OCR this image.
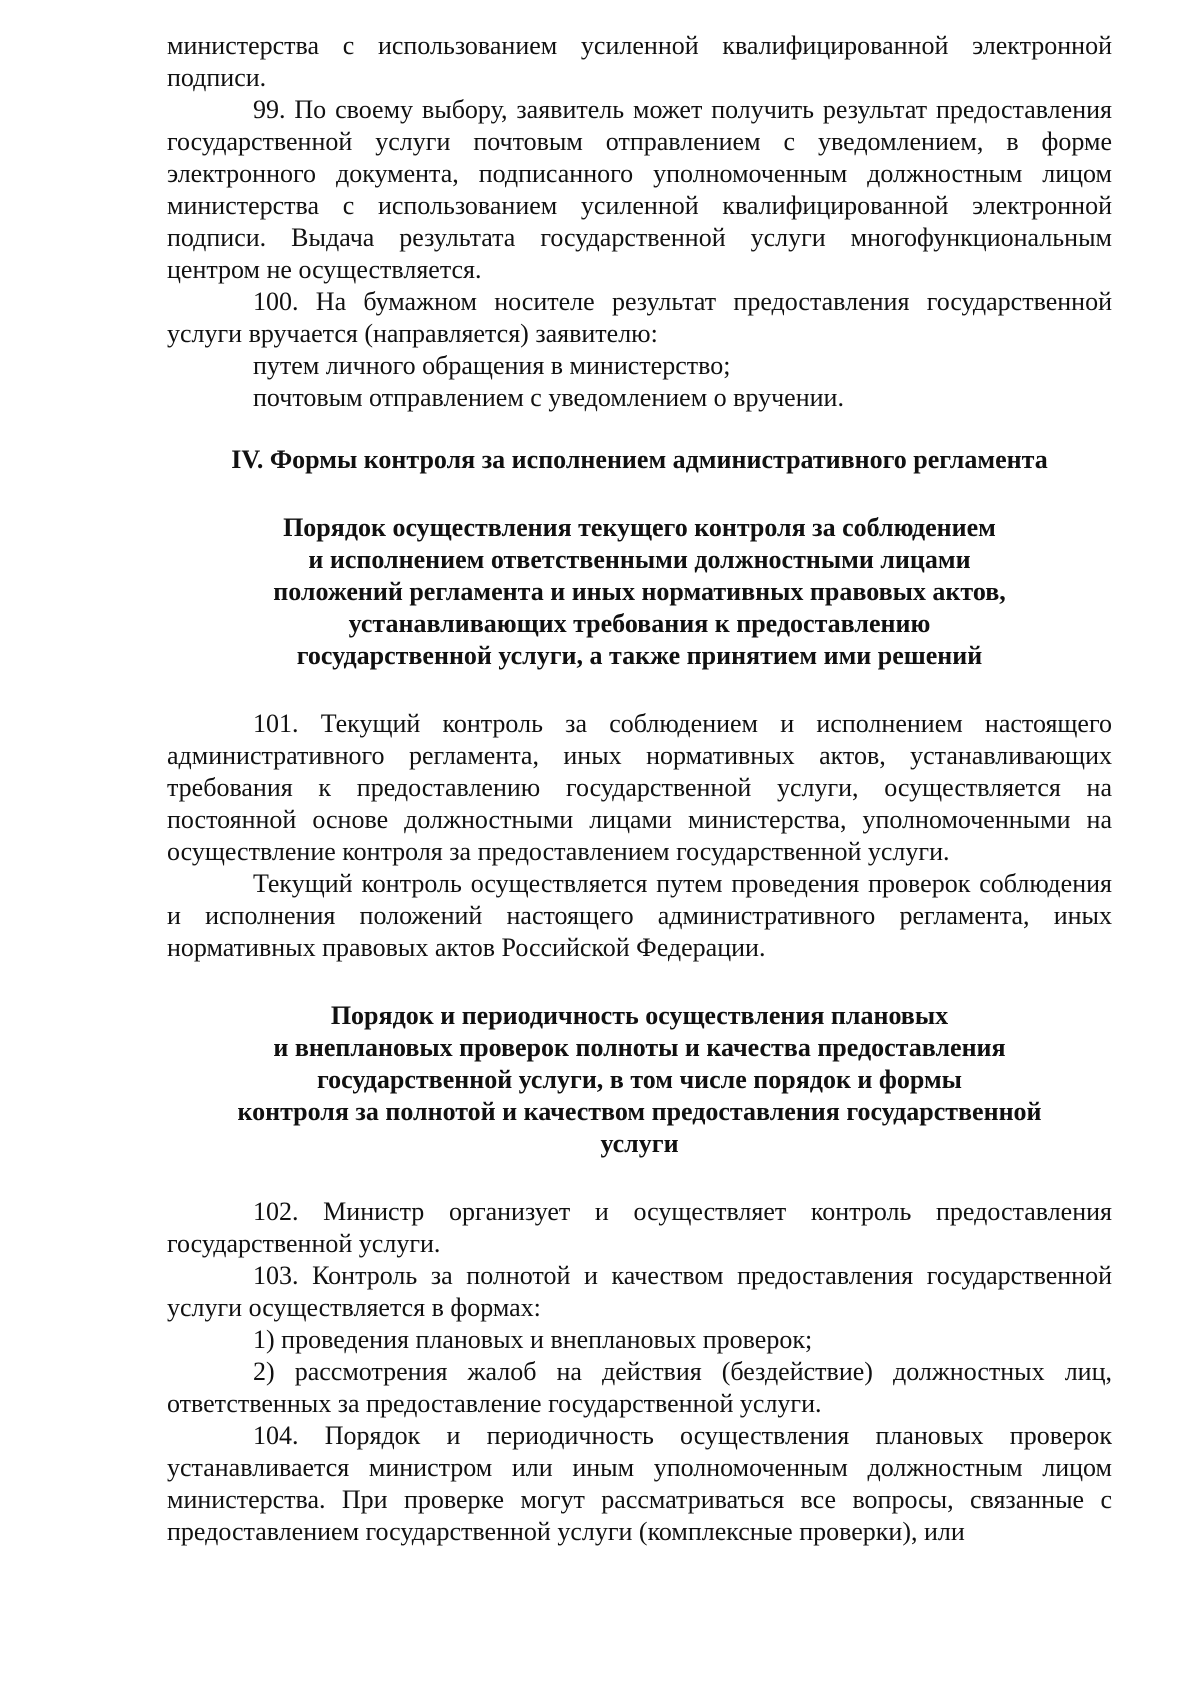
министерства с использованием усиленной квалифицированной электронной подписи.

99. По своему выбору, заявитель может получить результат предоставления государственной услуги почтовым отправлением с уведомлением, в форме электронного документа, подписанного уполномоченным должностным лицом министерства с использованием усиленной квалифицированной электронной подписи. Выдача результата государственной услуги многофункциональным центром не осуществляется.

100. На бумажном носителе результат предоставления государственной услуги вручается (направляется) заявителю:

путем личного обращения в министерство;

почтовым отправлением с уведомлением о вручении.

IV. Формы контроля за исполнением административного регламента
Порядок осуществления текущего контроля за соблюдением
и исполнением ответственными должностными лицами
положений регламента и иных нормативных правовых актов,
устанавливающих требования к предоставлению
государственной услуги, а также принятием ими решений

101. Текущий контроль за соблюдением и исполнением настоящего административного регламента, иных нормативных актов, устанавливающих требования к предоставлению государственной услуги, осуществляется на постоянной основе должностными лицами министерства, уполномоченными на осуществление контроля за предоставлением государственной услуги.

Текущий контроль осуществляется путем проведения проверок соблюдения и исполнения положений настоящего административного регламента, иных нормативных правовых актов Российской Федерации.

Порядок и периодичность осуществления плановых
и внеплановых проверок полноты и качества предоставления
государственной услуги, в том числе порядок и формы
контроля за полнотой и качеством предоставления государственной
услуги

102. Министр организует и осуществляет контроль предоставления государственной услуги.

103. Контроль за полнотой и качеством предоставления государственной услуги осуществляется в формах:

1) проведения плановых и внеплановых проверок;

2) рассмотрения жалоб на действия (бездействие) должностных лиц, ответственных за предоставление государственной услуги.

104. Порядок и периодичность осуществления плановых проверок устанавливается министром или иным уполномоченным должностным лицом министерства. При проверке могут рассматриваться все вопросы, связанные с предоставлением государственной услуги (комплексные проверки), или
